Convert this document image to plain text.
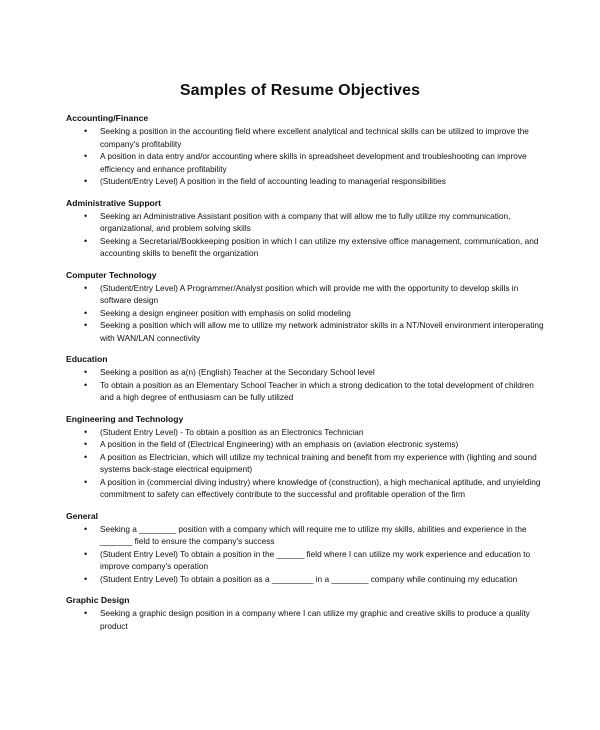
Samples of Resume Objectives
Accounting/Finance
• Seeking a position in the accounting field where excellent analytical and technical skills can be utilized to improve the company's profitability
• A position in data entry and/or accounting where skills in spreadsheet development and troubleshooting can improve efficiency and enhance profitability
• (Student/Entry Level) A position in the field of accounting leading to managerial responsibilities
Administrative Support
• Seeking an Administrative Assistant position with a company that will allow me to fully utilize my communication, organizational, and problem solving skills
• Seeking a Secretarial/Bookkeeping position in which I can utilize my extensive office management, communication, and accounting skills to benefit the organization
Computer Technology
• (Student/Entry Level) A Programmer/Analyst position which will provide me with the opportunity to develop skills in software design
• Seeking a design engineer position with emphasis on solid modeling
• Seeking a position which will allow me to utilize my network administrator skills in a NT/Novell environment interoperating with WAN/LAN connectivity
Education
• Seeking a position as a(n) (English) Teacher at the Secondary School level
• To obtain a position as an Elementary School Teacher in which a strong dedication to the total development of children and a high degree of enthusiasm can be fully utilized
Engineering and Technology
• (Student Entry Level) - To obtain a position as an Electronics Technician
• A position in the field of (Electrical Engineering) with an emphasis on (aviation electronic systems)
• A position as Electrician, which will utilize my technical training and benefit from my experience with (lighting and sound systems back-stage electrical equipment)
• A position in (commercial diving industry) where knowledge of (construction), a high mechanical aptitude, and unyielding commitment to safety can effectively contribute to the successful and profitable operation of the firm
General
• Seeking a ________ position with a company which will require me to utilize my skills, abilities and experience in the _______ field to ensure the company's success
• (Student Entry Level) To obtain a position in the ______ field where I can utilize my work experience and education to improve company's operation
• (Student Entry Level) To obtain a position as a _________ in a ________ company while continuing my education
Graphic Design
• Seeking a graphic design position in a company where I can utilize my graphic and creative skills to produce a quality product
